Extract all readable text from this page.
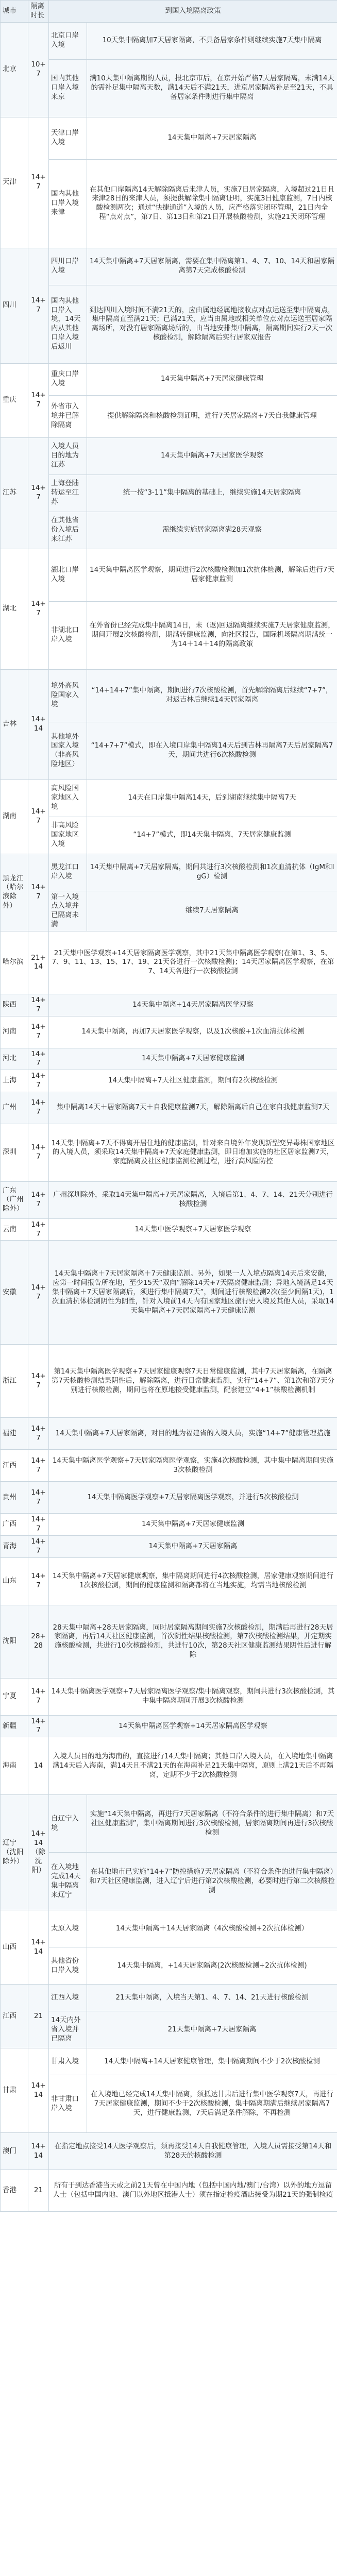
城市	隔离时长	到国入境隔离政策	
北京	10+7	北京口岸入境	10天集中隔离加7天居家隔离，不具备居家条件则继续实施7天集中隔离
		国内其他口岸入境来京	满10天集中隔离期的人员，报北京市后，在京开始严格7天居家隔离，未满14天的需补足集中隔离天数，满14天后不满21天，进京居家隔离补足至21天，不具备居家条件则进行集中隔离
天津	14+7	天津口岸入境	14天集中隔离+7天居家隔离
		国内其他口岸入境来津	在其他口岸隔离14天解除隔离后来津人员，实施7日居家隔离，入境超过21日且来津28日的来津人员，须提供解除集中隔离证明，实施3日健康监测，7日内核酸检测两次；通过“快捷通道”入境的人员，应严格落实闭环管理，21日内全程“点对点”，第7日、第13日和第21日开展核酸检测，实施21天闭环管理
四川	14+7	四川口岸入境	14天集中隔离+7天居家隔离，需要在集中隔离第1、4、7、10、14天和居家隔离第7天完成核酸检测
		国内其他口岸入境，14天内从其他口岸入境后返川	到达四川入境时间不满21天的，应由属地经属地接收点对点运送至集中隔离点，集中隔离直至满21天；已满21天，应当由属地或相关单位点对点运送至居家隔离场所，对没有居家隔离场所的，由当地安排集中隔离，隔离期间实行2天一次核酸检测，解除隔离后实行居家双报告
重庆	14+7	重庆口岸入境	14天集中隔离+7天居家健康管理
		外省市入境并已解除隔离	提供解除隔离和核酸检测证明，进行7天居家隔离+7天自我健康管理
江苏	14+7	入境人员目的地为江苏	14天集中隔离+7天居家医学观察
		上海登陆转运至江苏	统一按“3-11”集中隔离的基础上，继续实施14天居家隔离
		在其他省份入境后来江苏	需继续实施居家隔离满28天观察
湖北	14+7	湖北口岸入境	14天集中隔离医学观察，期间进行2次核酸检测加1次抗体检测，解除后进行7天居家健康监测
		非湖北口岸入境	在外省份已经完成集中隔离14日，未（返)回返隔离继续实施7天居家健康监测，期间开展2次核酸检测，期满转健康监测，向社区报告，国际机场隔离期满统一为14＋14＋14的隔离政策
吉林	14+14	境外高风险国家入境	“14+14+7”集中隔离，期间进行7次核酸检测，首先解除隔离后继续“7+7”，对返吉林后继续14天居家隔离
		其他境外国家入境（非高风险地区）	“14+7+7”模式，即在入境口岸集中隔离14天后到吉林再隔离7天后居家隔离7天，期间共进行6次核酸检测
湖南	14+7	高风险国家地区入境	14天在口岸集中隔离14天，后到湖南继续集中隔离7天
		非高风险国家地区入境	“14+7”模式，即14天集中隔离，7天居家健康监测
黑龙江（哈尔滨除外）	14+7	黑龙江口岸入境	14天集中隔离+7天居家隔离，期间共进行3次核酸检测和1次血清抗体（IgM和IgG）检测
		第一入境点入境并已隔离未满	继续7天居家隔离
哈尔滨	21+14	21天集中医学观察+14天居家隔离医学观察，其中21天集中隔离医学观察(在第1、3、5、7、9、11、13、15、17、19、21天各进行一次核酸检测)；14天居家隔离医学观察，在第7、14天各进行一次核酸检测	
陕西	14+7	14天集中隔离+14天居家隔离医学观察	
河南	14+7	14天集中隔离，再加7天居家医学观察，以及1次核酸+1次血清抗体检测	
河北	14+7	14天集中隔离+7天居家健康监测	
上海	14+7	14天集中隔离+7天社区健康监测，期间有2次核酸检测	
广州	14+7	集中隔离14天＋居家隔离7天＋自我健康监测7天，解除隔离后自己在家自我健康监测7天	
深圳	14+7	14天集中隔离+7天不得离开居住地的健康监测，针对来自境外年发现新型变异毒株国家地区的入境人员，须采取14天集中隔离+7天家庭健康监测，即日增加实施的社区居家监测7天，家庭隔离及社区健康监测检测过程，进行高风险防控	
广东（广州除外）	14+7	广州深圳除外，采取14天集中隔离+7天居家隔离，入境后第1、4、7、14、21天分别进行核酸检测	
云南	14+7	14天集中医学观察+7天居家医学观察	
安徽	14+7	14天集中隔离＋7天居家隔离＋7天健康监测。另外，如果一人入境点隔离14天后来安徽，应第一时间报告所在地，至少15天“双向”解除14天+7天隔离健康监测；异地入境满足14天集中隔离＋7天居家隔离后，须进行集中隔离7天”，期间进行核酸检测2次(至少间隔1天)，1次血清抗体检测阴性为阴性，针对入境前14天内有国家地区旅行史入境及其他人员，采取14天集中隔离+7天居家隔离+7天健康监测	
浙江	14+7	第14天集中隔离医学观察+7天居家健康观察7天日常健康监测，其中7天居家隔离，在隔离第7天核酸检测结果阴性后，解除隔离，进行日常健康监测，实行“14+7”、第1次和第7天分别进行核酸检测，期间也将在原地接受健康监测，配套建立“4+1”核酸检测机制	
福建	14+7	14天集中隔离+7天居家隔离，对目的地为福建省的入境人员，实施“14+7”健康管理措施	
江西	14+7	14天集中隔离医学观察+7天居家隔离医学观察，实施4次核酸检测，其中集中隔离期间实施3次核酸检测	
贵州	14+7	14天集中隔离医学观察+7天居家隔离医学观察，并进行5次核酸检测	
广西	14+7	14天集中隔离+7天居家健康监测	
青海	14+7	14天集中隔离+7天居家隔离	
山东	14+7	14天集中隔离+7天居家健康观察，集中隔离期间进行4次核酸检测，居家健康观察期间进行1次核酸检测，期间的健康监测和隔离都将在当地实施，均需当地核酸检测	
沈阳	28+28	28天集中隔离+28天居家隔离，同时居家隔离期间实施7次核酸检测，期满后再进行28天居家隔离，再后14天社区健康监测，首次阴性结果核酸检测，第7次核酸检测结果，并定期实施核酸检测，共进行10次核酸检测，共进行10次，第28天社区健康监测结果阴性后进行解除	
宁夏	14+7	14天集中隔离医学观察+7天居家隔离医学观察/集中隔离观察，期间共进行3次核酸检测，其中集中隔离期间开展3次核酸检测	
新疆	14+7	14天集中隔离医学观察+14天居家隔离医学观察	
海南	14	入境人员目的地为海南的，直接进行14天集中隔离；其他口岸入境人员，在入境地集中隔离满14天后入海南，满14天且不满21天的在海南补足21天集中隔离，原则上满21天后不再隔离，定期不少于2次核酸检测	
辽宁（沈阳除外）	14+14（除沈阳）	自辽宁入境	实施“14天集中隔离，再进行7天居家隔离（不符合条件的进行集中隔离）和7天社区健康监测”，集中隔离期间进行3次核酸检测，居家隔离期间再进行3次核酸检测
		在入境地完成14天集中隔离来辽宁	在其他地市已实施“14+7”防控措施7天居家隔离（不符合条件的进行集中隔离）和7天社区健康监测，进入辽宁后进行第2次核酸检测，必要时进行第二次核酸检测
山西	14+14	太原入境	14天集中隔离＋14天居家隔离（4次核酸检测+2次抗体检测）
		其他省份口岸入境	14天集中隔离，+14天居家隔离(2次核酸检测+2次抗体检测)
江西	21	江西入境	21天集中隔离，入境当天第1、4、7、14、21天进行核酸检测
		14天内外省入境并已隔离	21天集中隔离+7天居家隔离
甘肃	14+14	甘肃入境	14天集中隔离+14天居家健康管理，集中隔离期间不少于2次核酸检测
		非甘肃口岸入境	在入境地已经完成14天集中隔离，须抵达甘肃后进行集中医学观察7天，再进行7天居家健康监测，期间不少于2次核酸检测，集中隔离期满后继续居家隔离7天，进行健康监测，7天后满足条件解除，不再检测
澳门	14+14	在指定地点接受14天医学观察后，须再接受14天自我健康管理，入境人员需接受第14天和第28天的核酸检测	
香港	21	所有于到达香港当天或之前21天曾在中国内地（包括中国内地/澳门/台湾）以外的地方逗留人士（包括中国内地、澳门以外地区抵港人士）须在指定检疫酒店接受为期21天的强制检疫	
